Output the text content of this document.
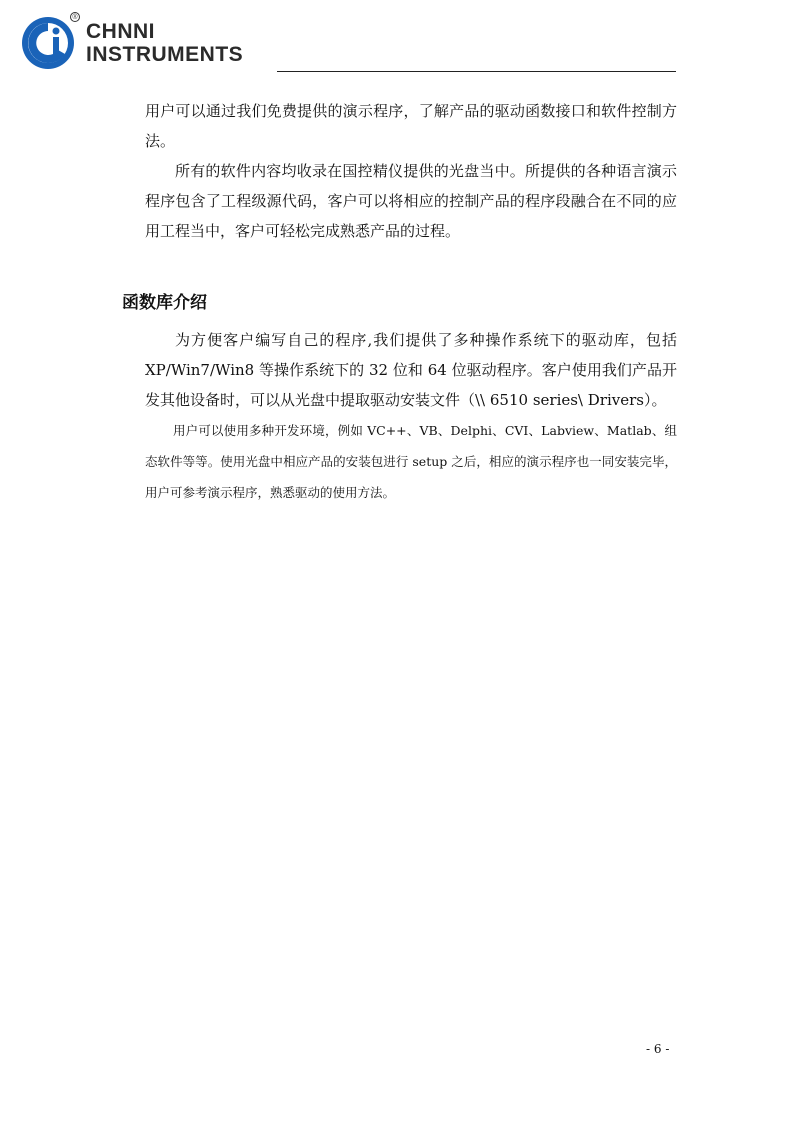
®
CHNNI
INSTRUMENTS

用户可以通过我们免费提供的演示程序，了解产品的驱动函数接口和软件控制方法。

所有的软件内容均收录在国控精仪提供的光盘当中。所提供的各种语言演示程序包含了工程级源代码，客户可以将相应的控制产品的程序段融合在不同的应用工程当中，客户可轻松完成熟悉产品的过程。

函数库介绍

为方便客户编写自己的程序,我们提供了多种操作系统下的驱动库，包括XP/Win7/Win8 等操作系统下的 32 位和 64 位驱动程序。客户使用我们产品开发其他设备时，可以从光盘中提取驱动安装文件（\\ 6510 series\ Drivers）。

用户可以使用多种开发环境，例如 VC++、VB、Delphi、CVI、Labview、Matlab、组态软件等等。使用光盘中相应产品的安装包进行 setup 之后，相应的演示程序也一同安装完毕，用户可参考演示程序，熟悉驱动的使用方法。

- 6 -
